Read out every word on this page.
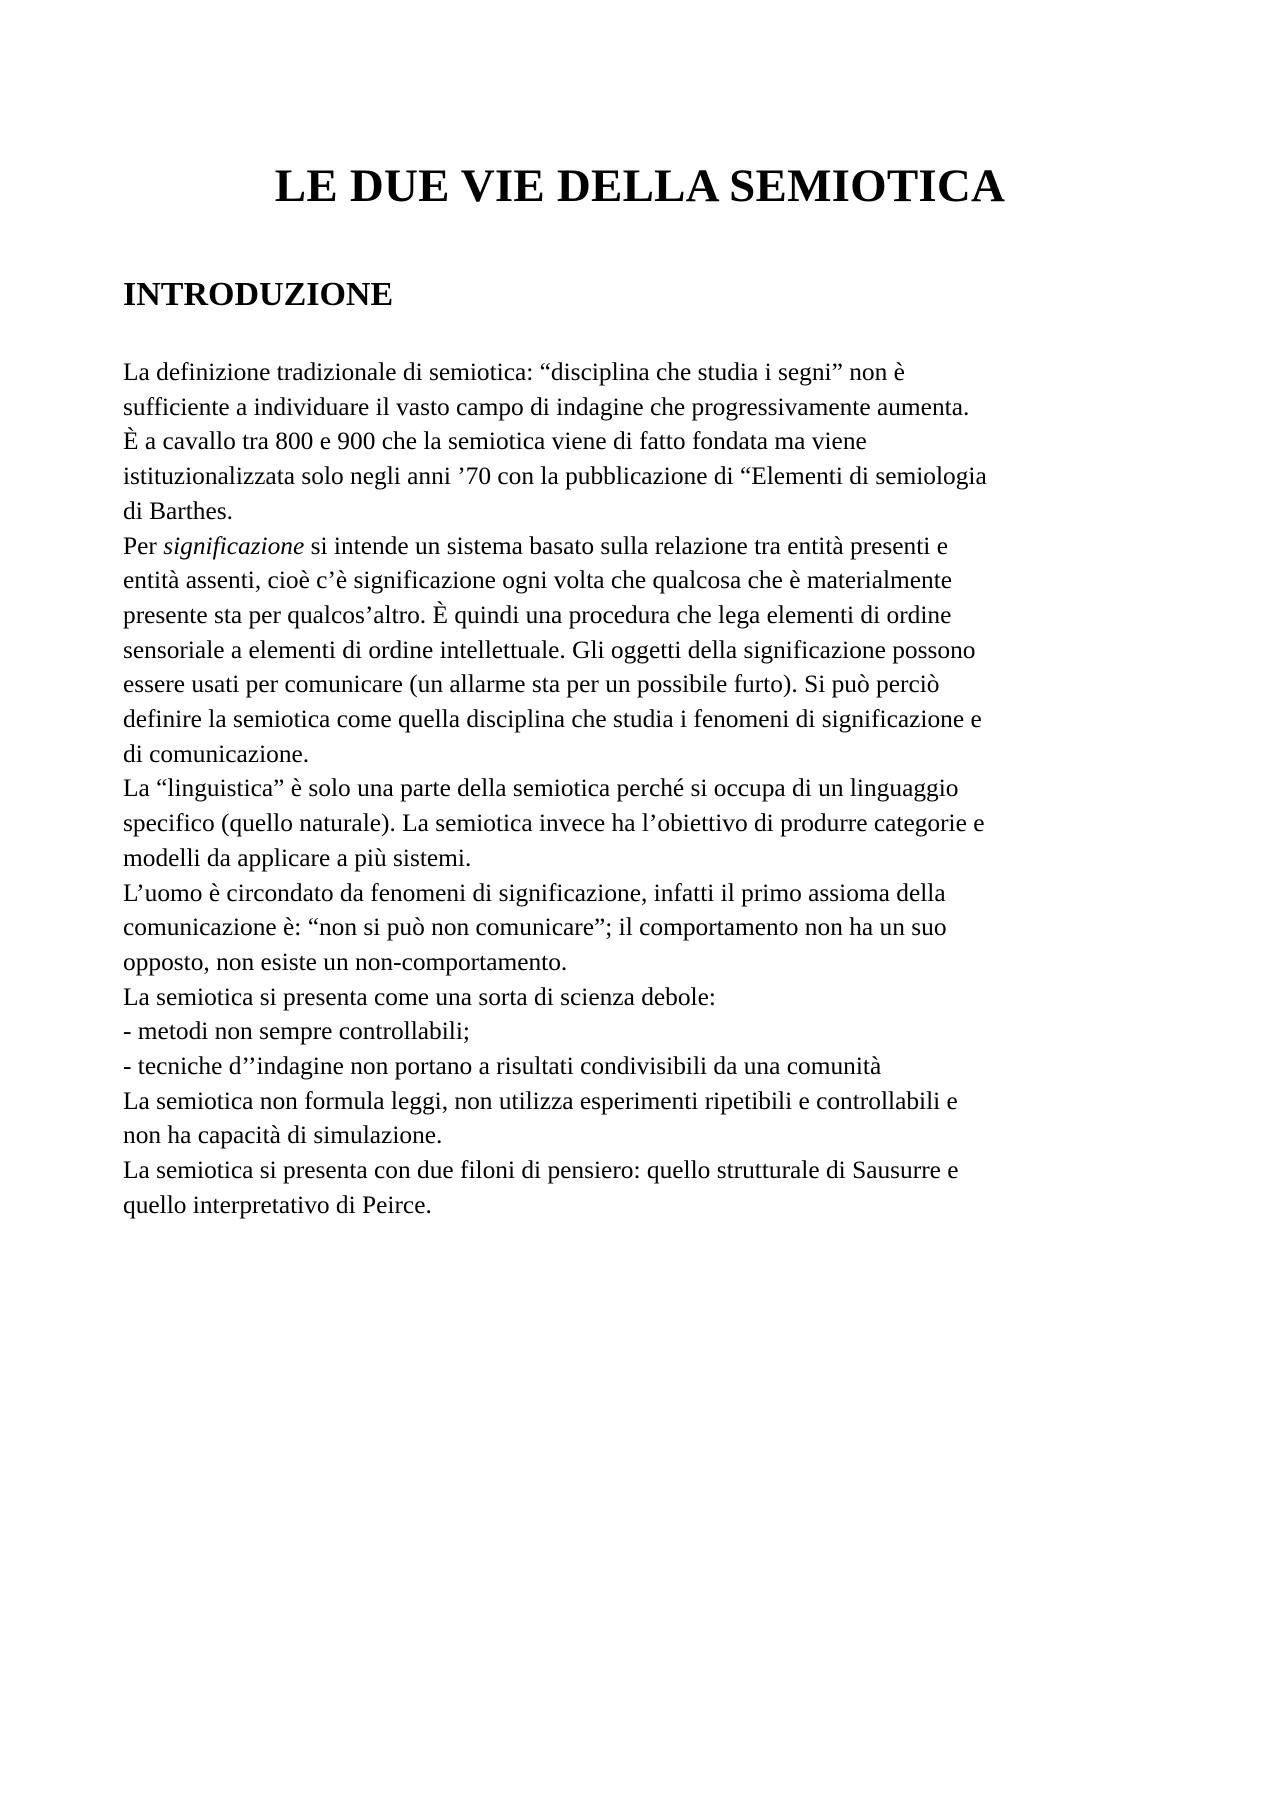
LE DUE VIE DELLA SEMIOTICA
INTRODUZIONE
La definizione tradizionale di semiotica: “disciplina che studia i segni” non è
sufficiente a individuare il vasto campo di indagine che progressivamente aumenta.
È a cavallo tra 800 e 900 che la semiotica viene di fatto fondata ma viene
istituzionalizzata solo negli anni ’70 con la pubblicazione di “Elementi di semiologia
di Barthes.
Per significazione si intende un sistema basato sulla relazione tra entità presenti e
entità assenti, cioè c’è significazione ogni volta che qualcosa che è materialmente
presente sta per qualcos’altro. È quindi una procedura che lega elementi di ordine
sensoriale a elementi di ordine intellettuale. Gli oggetti della significazione possono
essere usati per comunicare (un allarme sta per un possibile furto). Si può perciò
definire la semiotica come quella disciplina che studia i fenomeni di significazione e
di comunicazione.
La “linguistica” è solo una parte della semiotica perché si occupa di un linguaggio
specifico (quello naturale). La semiotica invece ha l’obiettivo di produrre categorie e
modelli da applicare a più sistemi.
L’uomo è circondato da fenomeni di significazione, infatti il primo assioma della
comunicazione è: “non si può non comunicare”; il comportamento non ha un suo
opposto, non esiste un non-comportamento.
La semiotica si presenta come una sorta di scienza debole:
- metodi non sempre controllabili;
- tecniche d’’indagine non portano a risultati condivisibili da una comunità
La semiotica non formula leggi, non utilizza esperimenti ripetibili e controllabili e
non ha capacità di simulazione.
La semiotica si presenta con due filoni di pensiero: quello strutturale di Sausurre e
quello interpretativo di Peirce.
